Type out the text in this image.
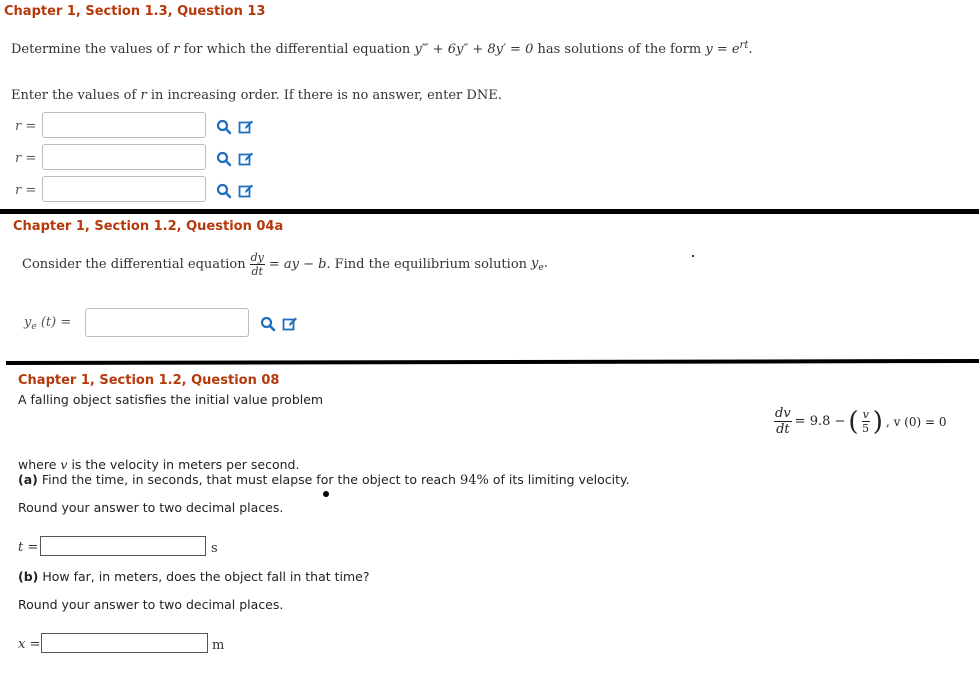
Chapter 1, Section 1.3, Question 13
Determine the values of r for which the differential equation y‴ + 6y″ + 8y′ = 0 has solutions of the form $y = e^{rt}$.
Enter the values of r in increasing order. If there is no answer, enter DNE.
r =
r =
r =
Chapter 1, Section 1.2, Question 04a
Consider the differential equation $\frac{dy}{dt}$ = ay − b. Find the equilibrium solution $y_e$.
$y_e$ (t) =
Chapter 1, Section 1.2, Question 08
A falling object satisfies the initial value problem
$\frac{dv}{dt} = 9.8$ − ( $\frac{v}{5}$ ) , v (0) = 0
where v is the velocity in meters per second.
(a) Find the time, in seconds, that must elapse for the object to reach 94% of its limiting velocity.
Round your answer to two decimal places.
t =	s
(b) How far, in meters, does the object fall in that time?
Round your answer to two decimal places.
x =	m
